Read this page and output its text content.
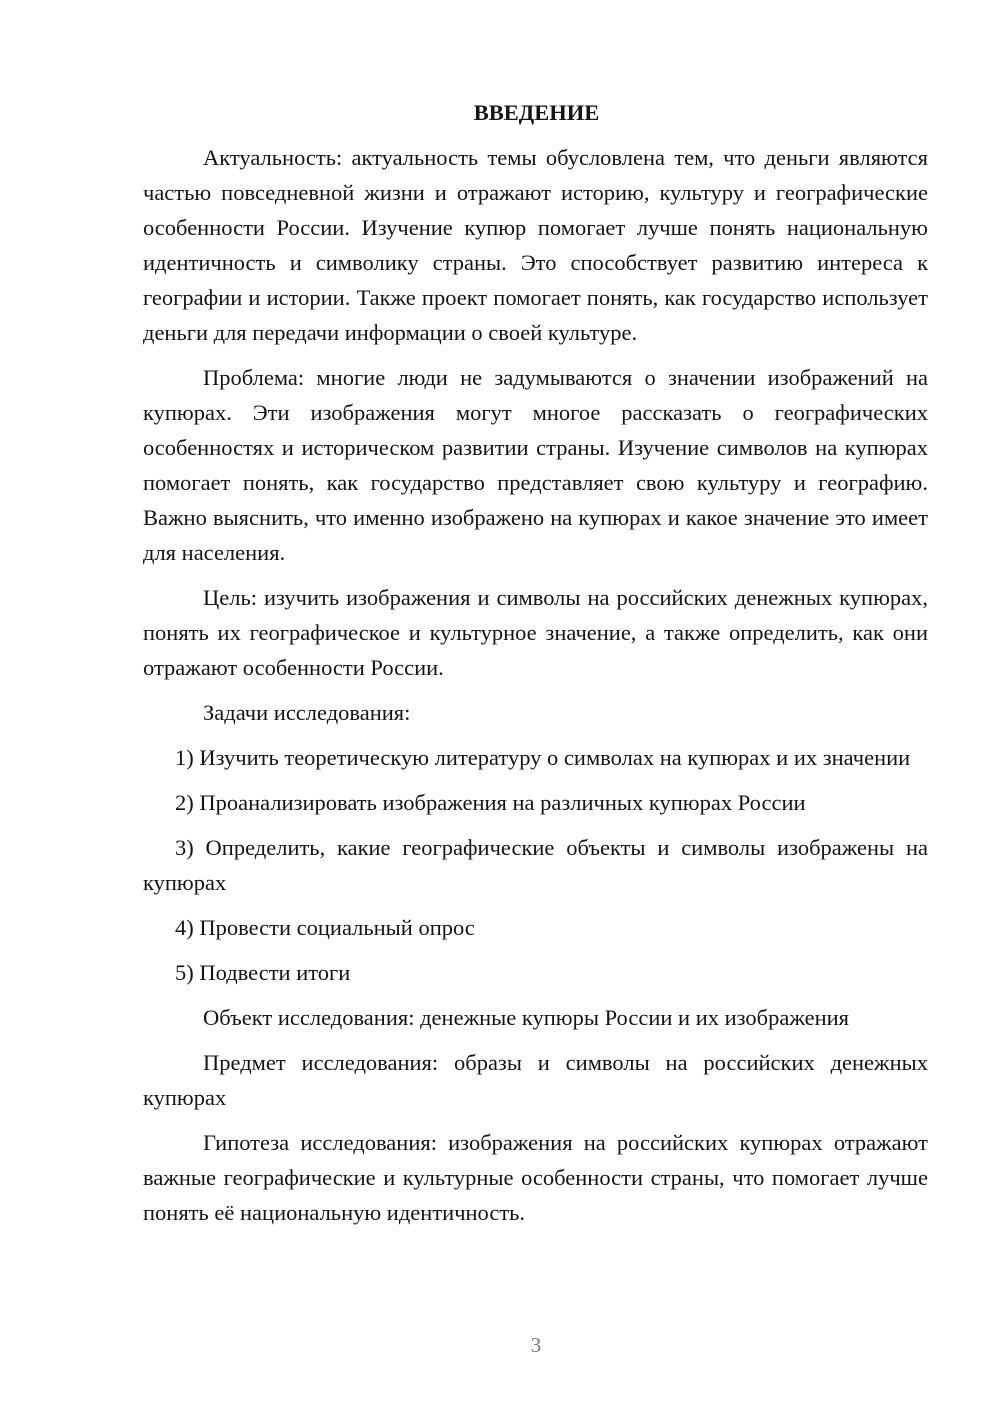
ВВЕДЕНИЕ

Актуальность: актуальность темы обусловлена тем, что деньги являются частью повседневной жизни и отражают историю, культуру и географические особенности России. Изучение купюр помогает лучше понять национальную идентичность и символику страны. Это способствует развитию интереса к географии и истории. Также проект помогает понять, как государство использует деньги для передачи информации о своей культуре.

Проблема: многие люди не задумываются о значении изображений на купюрах. Эти изображения могут многое рассказать о географических особенностях и историческом развитии страны. Изучение символов на купюрах помогает понять, как государство представляет свою культуру и географию. Важно выяснить, что именно изображено на купюрах и какое значение это имеет для населения.

Цель: изучить изображения и символы на российских денежных купюрах, понять их географическое и культурное значение, а также определить, как они отражают особенности России.

Задачи исследования:

1) Изучить теоретическую литературу о символах на купюрах и их значении

2) Проанализировать изображения на различных купюрах России

3) Определить, какие географические объекты и символы изображены на купюрах

4) Провести социальный опрос

5) Подвести итоги

Объект исследования: денежные купюры России и их изображения

Предмет исследования: образы и символы на российских денежных купюрах

Гипотеза исследования: изображения на российских купюрах отражают важные географические и культурные особенности страны, что помогает лучше понять её национальную идентичность.

3
